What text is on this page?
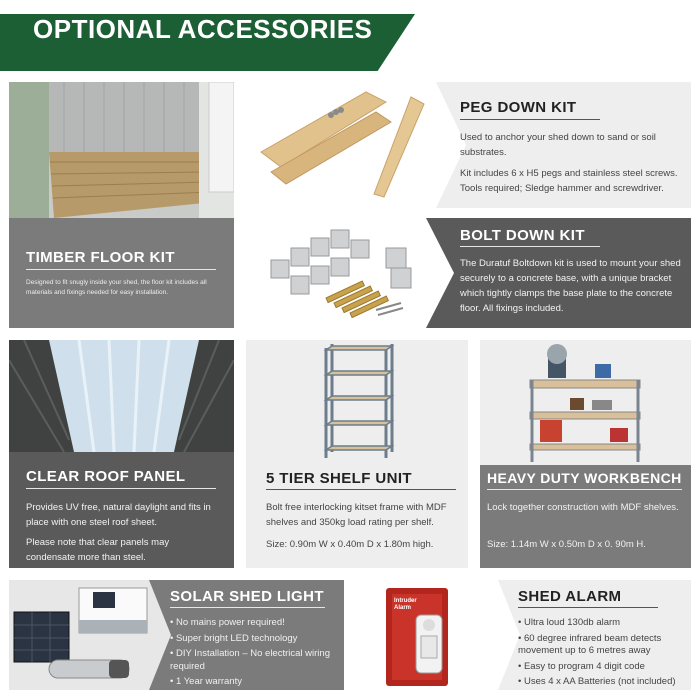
OPTIONAL ACCESSORIES
TIMBER FLOOR KIT
Designed to fit snugly inside your shed, the floor kit includes all materials and fixings needed for easy installation.
PEG DOWN KIT
Used to anchor your shed down to sand or soil substrates.
Kit includes 6 x H5 pegs and stainless steel screws. Tools required; Sledge hammer and screwdriver.
BOLT DOWN KIT
The Duratuf Boltdown kit is used to mount your shed securely to a concrete base, with a unique bracket which tightly clamps the base plate to the concrete floor. All fixings included.
CLEAR ROOF PANEL
Provides UV free, natural daylight and fits in place with one steel roof sheet.
Please note that clear panels may condensate more than steel.
5 TIER SHELF UNIT
Bolt free interlocking kitset frame with MDF shelves and 350kg load rating per shelf.
Size: 0.90m W x 0.40m D x 1.80m high.
HEAVY DUTY WORKBENCH
Lock together construction with MDF shelves.
Size: 1.14m W x 0.50m D x 0. 90m H.
SOLAR SHED LIGHT
• No mains power required!
• Super bright LED technology
• DIY Installation – No electrical wiring required
• 1 Year warranty
Intruder Alarm
SHED ALARM
• Ultra loud 130db alarm
• 60 degree infrared beam detects movement up to 6 metres away
• Easy to program 4 digit code
• Uses 4 x AA Batteries (not included)
